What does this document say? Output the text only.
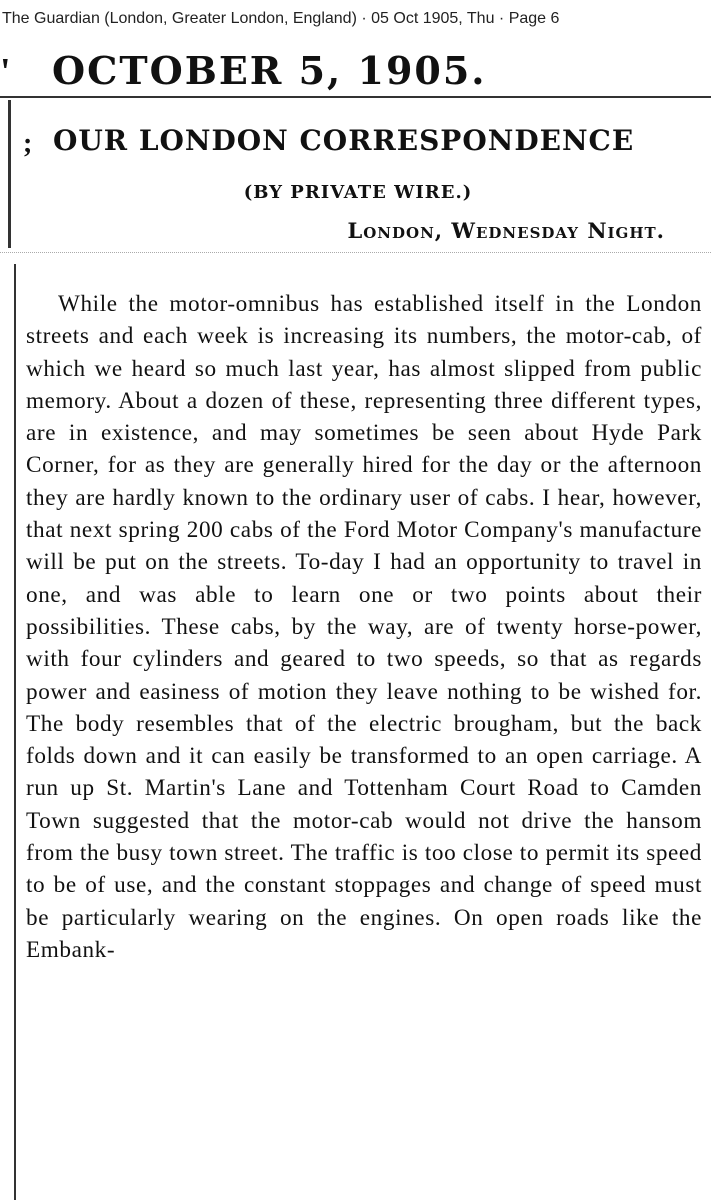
The Guardian (London, Greater London, England) · 05 Oct 1905, Thu · Page 6
' OCTOBER 5, 1905.
; OUR LONDON CORRESPONDENCE
(BY PRIVATE WIRE.)
London, Wednesday Night.

While the motor-omnibus has established itself in the London streets and each week is increasing its numbers, the motor-cab, of which we heard so much last year, has almost slipped from public memory. About a dozen of these, representing three different types, are in existence, and may sometimes be seen about Hyde Park Corner, for as they are generally hired for the day or the afternoon they are hardly known to the ordinary user of cabs. I hear, however, that next spring 200 cabs of the Ford Motor Company's manufacture will be put on the streets. To-day I had an opportunity to travel in one, and was able to learn one or two points about their possibilities. These cabs, by the way, are of twenty horse-power, with four cylinders and geared to two speeds, so that as regards power and easiness of motion they leave nothing to be wished for. The body resembles that of the electric brougham, but the back folds down and it can easily be transformed to an open carriage. A run up St. Martin's Lane and Tottenham Court Road to Camden Town suggested that the motor-cab would not drive the hansom from the busy town street. The traffic is too close to permit its speed to be of use, and the constant stoppages and change of speed must be particularly wearing on the engines. On open roads like the Embank-
